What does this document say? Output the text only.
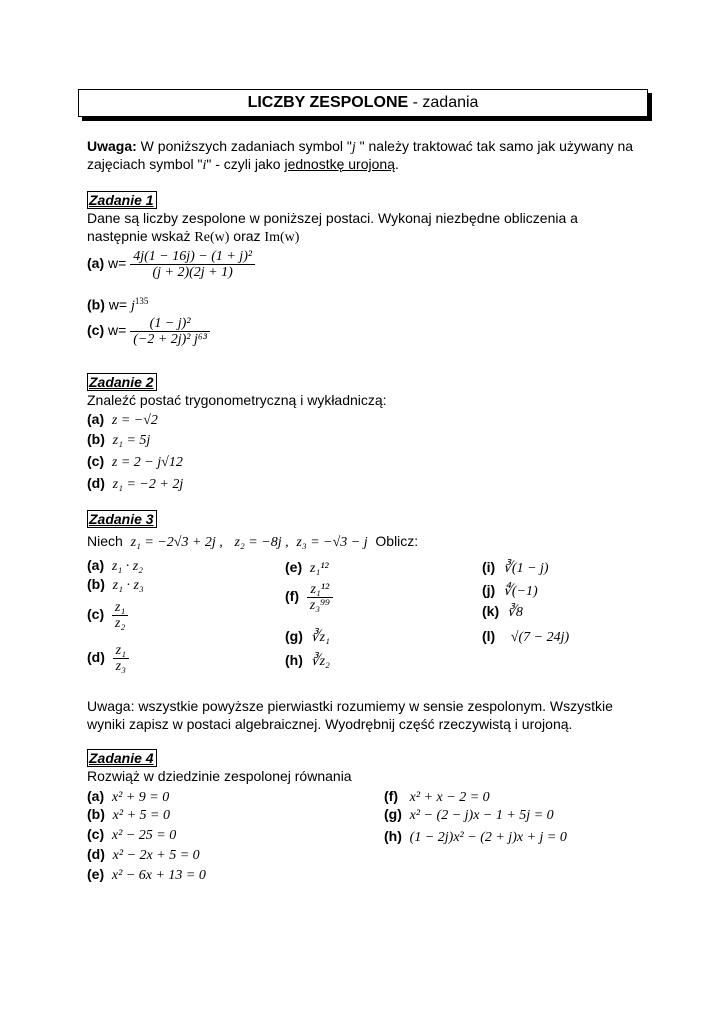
LICZBY ZESPOLONE - zadania
Uwaga: W poniższych zadaniach symbol "j " należy traktować tak samo jak używany na zajęciach symbol "i" - czyli jako jednostkę urojoną.
Zadanie 1
Dane są liczby zespolone w poniższej postaci. Wykonaj niezbędne obliczenia a
następnie wskaż Re(w) oraz Im(w)
(a) $w= \frac{\text{4j(1 − 16j) − (1 + j)²}}{(j + 2)(2j + 1)}$
(b) $w= j^{135}$
(c) $w= \frac{\text{(1 − j)²}}{\text{(−2 + 2j)² j⁶³}}$
Zadanie 2
Znaleźć postać trygonometryczną i wykładniczą:
(a) z = −√2
(b) z₁ = 5j
(c) z = 2 − j√12
(d) z₁ = −2 + 2j
Zadanie 3
Niech z₁ = −2√3 + 2j , z₂ = −8j , z₃ = −√3 − j Oblicz:
(a) z₁ · z₂
(b) z₁ · z₃
$(c) \frac{\text{z₁}}{\text{z₂}}$
$(d) \frac{\text{z₁}}{\text{z₃}}$
(e) z₁¹²
$(f) \frac{\text{z₁¹²}}{\text{z₃⁹⁹}}$
(g) ∛z₁
(h) ∛z₂
(i) ∛(1 − j)
(j) ∜(−1)
(k) ∛8
(l) √(7 − 24j)
Uwaga: wszystkie powyższe pierwiastki rozumiemy w sensie zespolonym. Wszystkie
wyniki zapisz w postaci algebraicznej. Wyodrębnij część rzeczywistą i urojoną.
Zadanie 4
Rozwiąż w dziedzinie zespolonej równania
(a) x² + 9 = 0
(b) x² + 5 = 0
(c) x² − 25 = 0
(d) x² − 2x + 5 = 0
(e) x² − 6x + 13 = 0
(f) x² + x − 2 = 0
(g) x² − (2 − j)x − 1 + 5j = 0
(h) (1 − 2j)x² − (2 + j)x + j = 0
